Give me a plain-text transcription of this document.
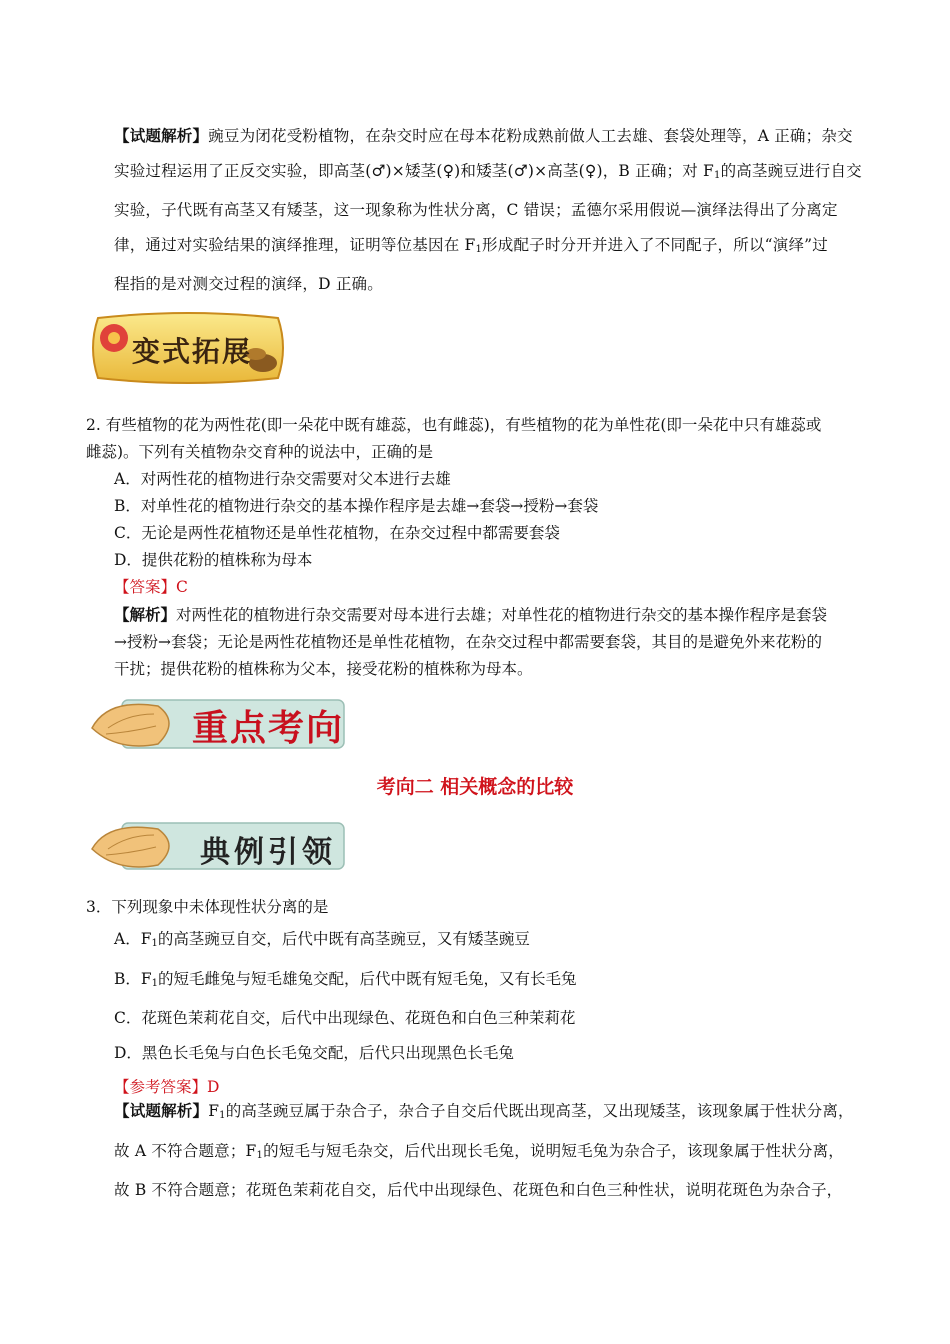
【试题解析】豌豆为闭花受粉植物，在杂交时应在母本花粉成熟前做人工去雄、套袋处理等，A 正确；杂交
实验过程运用了正反交实验，即高茎(♂)×矮茎(♀)和矮茎(♂)×高茎(♀)，B 正确；对 $F_1$的高茎豌豆进行自交
实验，子代既有高茎又有矮茎，这一现象称为性状分离，C 错误；孟德尔采用假说—演绎法得出了分离定
律，通过对实验结果的演绎推理，证明等位基因在 $F_1$形成配子时分开并进入了不同配子，所以“演绎”过
程指的是对测交过程的演绎，D 正确。
变式拓展
2. 有些植物的花为两性花(即一朵花中既有雄蕊，也有雌蕊)，有些植物的花为单性花(即一朵花中只有雄蕊或
雌蕊)。下列有关植物杂交育种的说法中，正确的是
A．对两性花的植物进行杂交需要对父本进行去雄
B．对单性花的植物进行杂交的基本操作程序是去雄→套袋→授粉→套袋
C．无论是两性花植物还是单性花植物，在杂交过程中都需要套袋
D．提供花粉的植株称为母本
【答案】C
【解析】对两性花的植物进行杂交需要对母本进行去雄；对单性花的植物进行杂交的基本操作程序是套袋
→授粉→套袋；无论是两性花植物还是单性花植物，在杂交过程中都需要套袋，其目的是避免外来花粉的
干扰；提供花粉的植株称为父本，接受花粉的植株称为母本。
重点考向
考向二 相关概念的比较
典例引领
3．下列现象中未体现性状分离的是
A．$F_1$的高茎豌豆自交，后代中既有高茎豌豆，又有矮茎豌豆
B．$F_1$的短毛雌兔与短毛雄兔交配，后代中既有短毛兔，又有长毛兔
C．花斑色茉莉花自交，后代中出现绿色、花斑色和白色三种茉莉花
D．黑色长毛兔与白色长毛兔交配，后代只出现黑色长毛兔
【参考答案】D
【试题解析】$F_1$的高茎豌豆属于杂合子，杂合子自交后代既出现高茎，又出现矮茎，该现象属于性状分离，
故 A 不符合题意；$F_1$的短毛与短毛杂交，后代出现长毛兔，说明短毛兔为杂合子，该现象属于性状分离，
故 B 不符合题意；花斑色茉莉花自交，后代中出现绿色、花斑色和白色三种性状，说明花斑色为杂合子，
